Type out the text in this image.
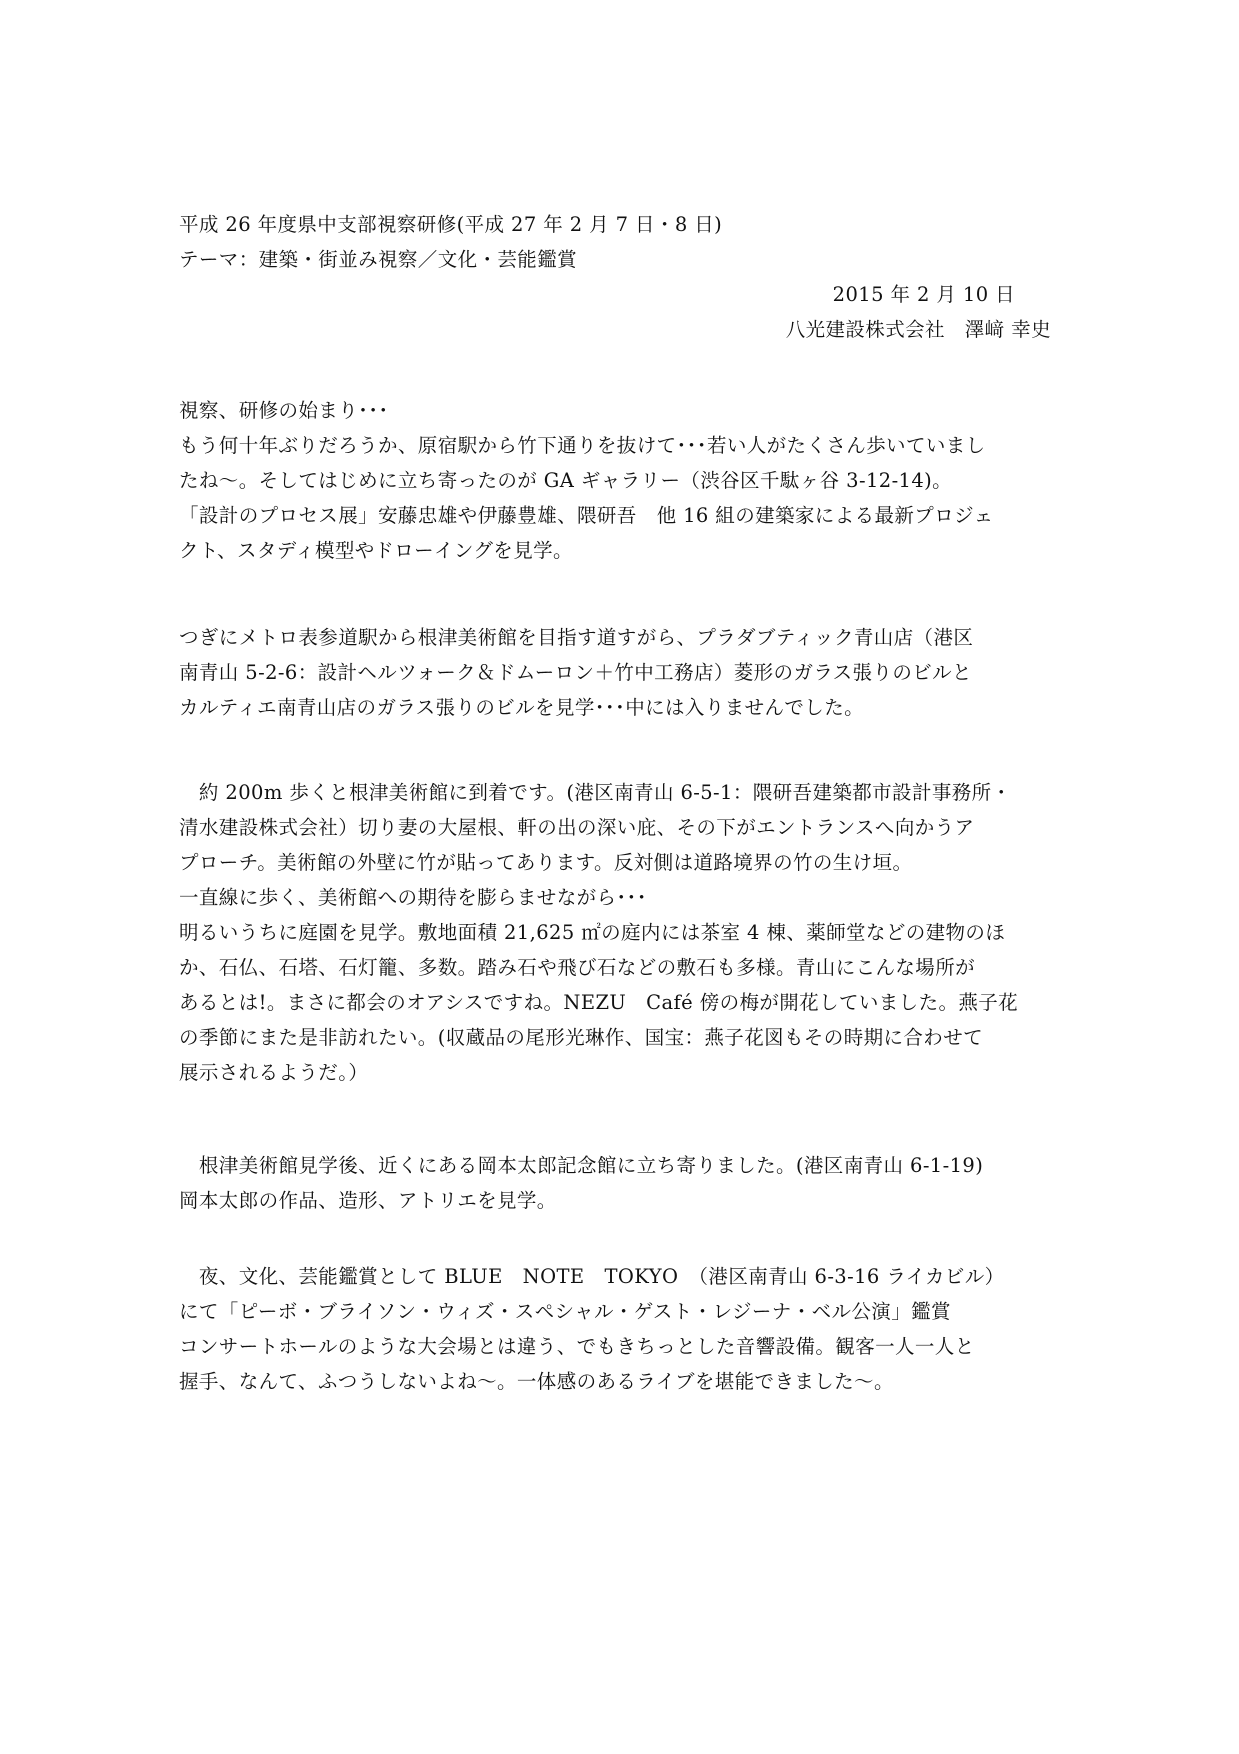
平成 26 年度県中支部視察研修(平成 27 年 2 月 7 日・8 日)
テーマ：建築・街並み視察／文化・芸能鑑賞
2015 年 2 月 10 日
八光建設株式会社　澤﨑 幸史
視察、研修の始まり･･･
もう何十年ぶりだろうか、原宿駅から竹下通りを抜けて･･･若い人がたくさん歩いていまし
たね～。そしてはじめに立ち寄ったのが GA ギャラリー（渋谷区千駄ヶ谷 3-12-14)。
「設計のプロセス展」安藤忠雄や伊藤豊雄、隈研吾　他 16 組の建築家による最新プロジェ
クト、スタディ模型やドローイングを見学。
つぎにメトロ表参道駅から根津美術館を目指す道すがら、プラダブティック青山店（港区
南青山 5-2-6：設計ヘルツォーク＆ドムーロン＋竹中工務店）菱形のガラス張りのビルと
カルティエ南青山店のガラス張りのビルを見学･･･中には入りませんでした。
　約 200m 歩くと根津美術館に到着です。(港区南青山 6-5-1：隈研吾建築都市設計事務所・
清水建設株式会社）切り妻の大屋根、軒の出の深い庇、その下がエントランスへ向かうア
プローチ。美術館の外壁に竹が貼ってあります。反対側は道路境界の竹の生け垣。
一直線に歩く、美術館への期待を膨らませながら･･･
明るいうちに庭園を見学。敷地面積 21,625 ㎡の庭内には茶室 4 棟、薬師堂などの建物のほ
か、石仏、石塔、石灯籠、多数。踏み石や飛び石などの敷石も多様。青山にこんな場所が
あるとは!。まさに都会のオアシスですね。NEZU　Café 傍の梅が開花していました。燕子花
の季節にまた是非訪れたい。(収蔵品の尾形光琳作、国宝：燕子花図もその時期に合わせて
展示されるようだ。）
　根津美術館見学後、近くにある岡本太郎記念館に立ち寄りました。(港区南青山 6-1-19)
岡本太郎の作品、造形、アトリエを見学。
　夜、文化、芸能鑑賞として BLUE　NOTE　TOKYO　（港区南青山 6-3-16 ライカビル）
にて「ピーボ・ブライソン・ウィズ・スペシャル・ゲスト・レジーナ・ベル公演」鑑賞
コンサートホールのような大会場とは違う、でもきちっとした音響設備。観客一人一人と
握手、なんて、ふつうしないよね～。一体感のあるライブを堪能できました～。
